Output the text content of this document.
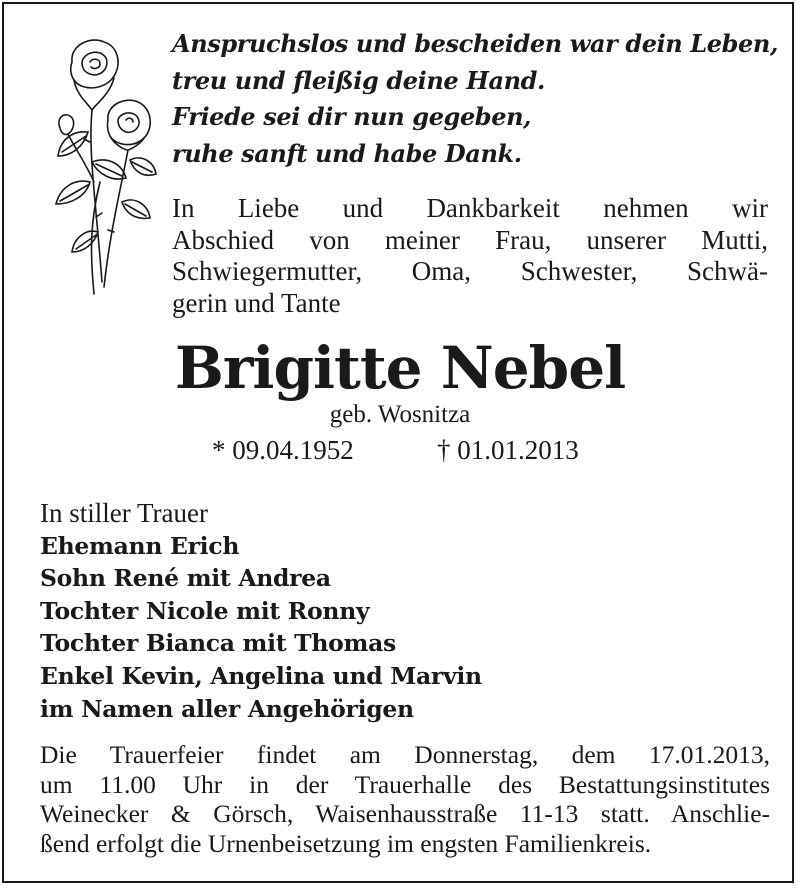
Anspruchslos und bescheiden war dein Leben,
treu und fleißig deine Hand.
Friede sei dir nun gegeben,
ruhe sanft und habe Dank.
In Liebe und Dankbarkeit nehmen wir
Abschied von meiner Frau, unserer Mutti,
Schwiegermutter, Oma, Schwester, Schwä-
gerin und Tante
Brigitte Nebel
geb. Wosnitza
* 09.04.1952	† 01.01.2013
In stiller Trauer
Ehemann Erich
Sohn René mit Andrea
Tochter Nicole mit Ronny
Tochter Bianca mit Thomas
Enkel Kevin, Angelina und Marvin
im Namen aller Angehörigen
Die Trauerfeier findet am Donnerstag, dem 17.01.2013,
um 11.00 Uhr in der Trauerhalle des Bestattungsinstitutes
Weinecker & Görsch, Waisenhausstraße 11-13 statt. Anschlie-
ßend erfolgt die Urnenbeisetzung im engsten Familienkreis.
